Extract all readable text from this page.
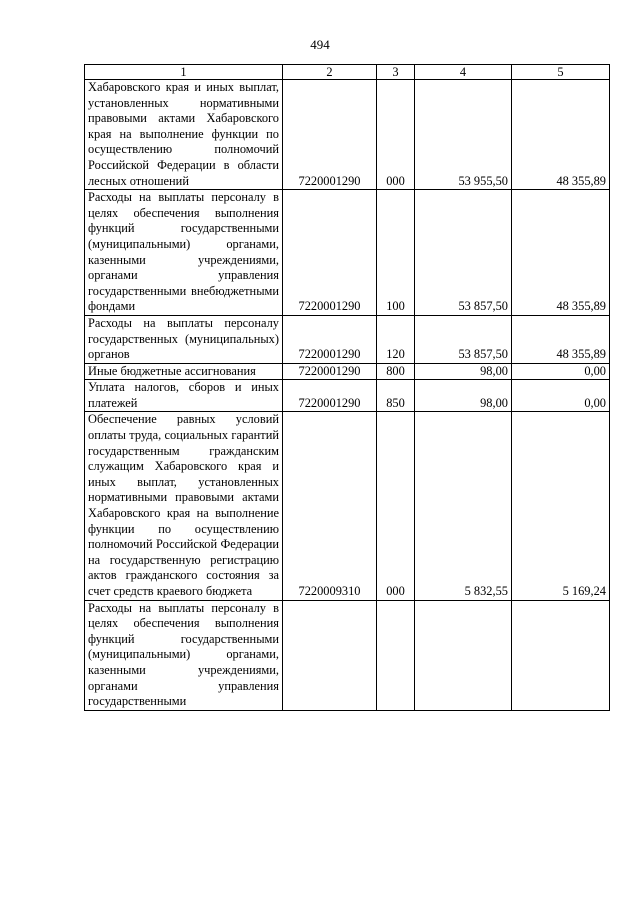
494
1	2	3	4	5
Хабаровского края и иных выплат, установленных нормативными правовыми актами Хабаровского края на выполнение функции по осуществлению полномочий Российской Федерации в области лесных отношений	7220001290	000	53 955,50	48 355,89
Расходы на выплаты персоналу в целях обеспечения выполнения функций государственными (муниципальными) органами, казенными учреждениями, органами управления государственными внебюджетными фондами	7220001290	100	53 857,50	48 355,89
Расходы на выплаты персоналу государственных (муниципальных) органов	7220001290	120	53 857,50	48 355,89
Иные бюджетные ассигнования	7220001290	800	98,00	0,00
Уплата налогов, сборов и иных платежей	7220001290	850	98,00	0,00
Обеспечение равных условий оплаты труда, социальных гарантий государственным гражданским служащим Хабаровского края и иных выплат, установленных нормативными правовыми актами Хабаровского края на выполнение функции по осуществлению полномочий Российской Федерации на государственную регистрацию актов гражданского состояния за счет средств краевого бюджета	7220009310	000	5 832,55	5 169,24
Расходы на выплаты персоналу в целях обеспечения выполнения функций государственными (муниципальными) органами, казенными учреждениями, органами управления государственными				
